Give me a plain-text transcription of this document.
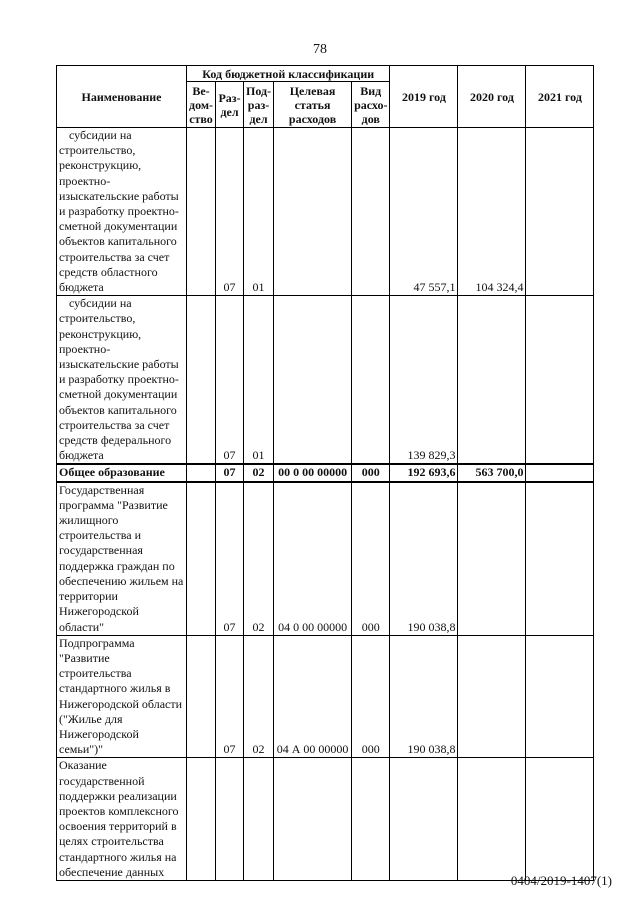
78
Наименование	Код бюджетной классификации					2019 год	2020 год	2021 год
	Ве-дом-ство	Раз-дел	Под-раз-дел	Целевая статья расходов	Вид расхо-дов			
субсидии на строительство, реконструкцию, проектно-изыскательские работы и разработку проектно-сметной документации объектов капитального строительства за счет средств областного бюджета		07	01			47 557,1	104 324,4	
субсидии на строительство, реконструкцию, проектно-изыскательские работы и разработку проектно-сметной документации объектов капитального строительства за счет средств федерального бюджета		07	01			139 829,3		
Общее образование		07	02	00 0 00 00000	000	192 693,6	563 700,0	
Государственная программа "Развитие жилищного строительства и государственная поддержка граждан по обеспечению жильем на территории Нижегородской области"		07	02	04 0 00 00000	000	190 038,8		
Подпрограмма "Развитие строительства стандартного жилья в Нижегородской области ("Жилье для Нижегородской семьи")"		07	02	04 А 00 00000	000	190 038,8		
Оказание государственной поддержки реализации проектов комплексного освоения территорий в целях строительства стандартного жилья на обеспечение данных								
0404/2019-1407(1)
